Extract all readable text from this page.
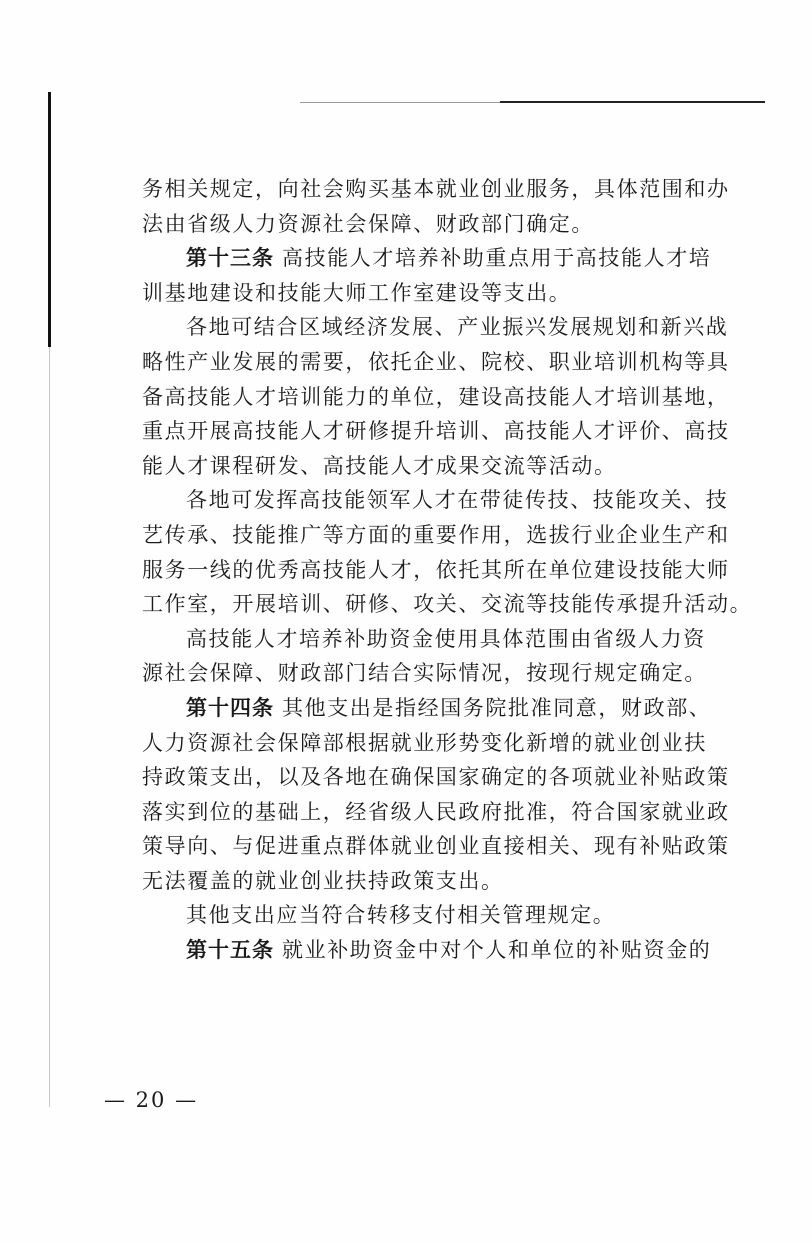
务相关规定，向社会购买基本就业创业服务，具体范围和办
法由省级人力资源社会保障、财政部门确定。
第十三条 高技能人才培养补助重点用于高技能人才培
训基地建设和技能大师工作室建设等支出。
各地可结合区域经济发展、产业振兴发展规划和新兴战
略性产业发展的需要，依托企业、院校、职业培训机构等具
备高技能人才培训能力的单位，建设高技能人才培训基地，
重点开展高技能人才研修提升培训、高技能人才评价、高技
能人才课程研发、高技能人才成果交流等活动。
各地可发挥高技能领军人才在带徒传技、技能攻关、技
艺传承、技能推广等方面的重要作用，选拔行业企业生产和
服务一线的优秀高技能人才，依托其所在单位建设技能大师
工作室，开展培训、研修、攻关、交流等技能传承提升活动。
高技能人才培养补助资金使用具体范围由省级人力资
源社会保障、财政部门结合实际情况，按现行规定确定。
第十四条 其他支出是指经国务院批准同意，财政部、
人力资源社会保障部根据就业形势变化新增的就业创业扶
持政策支出，以及各地在确保国家确定的各项就业补贴政策
落实到位的基础上，经省级人民政府批准，符合国家就业政
策导向、与促进重点群体就业创业直接相关、现有补贴政策
无法覆盖的就业创业扶持政策支出。
其他支出应当符合转移支付相关管理规定。
第十五条 就业补助资金中对个人和单位的补贴资金的
— 20 —
